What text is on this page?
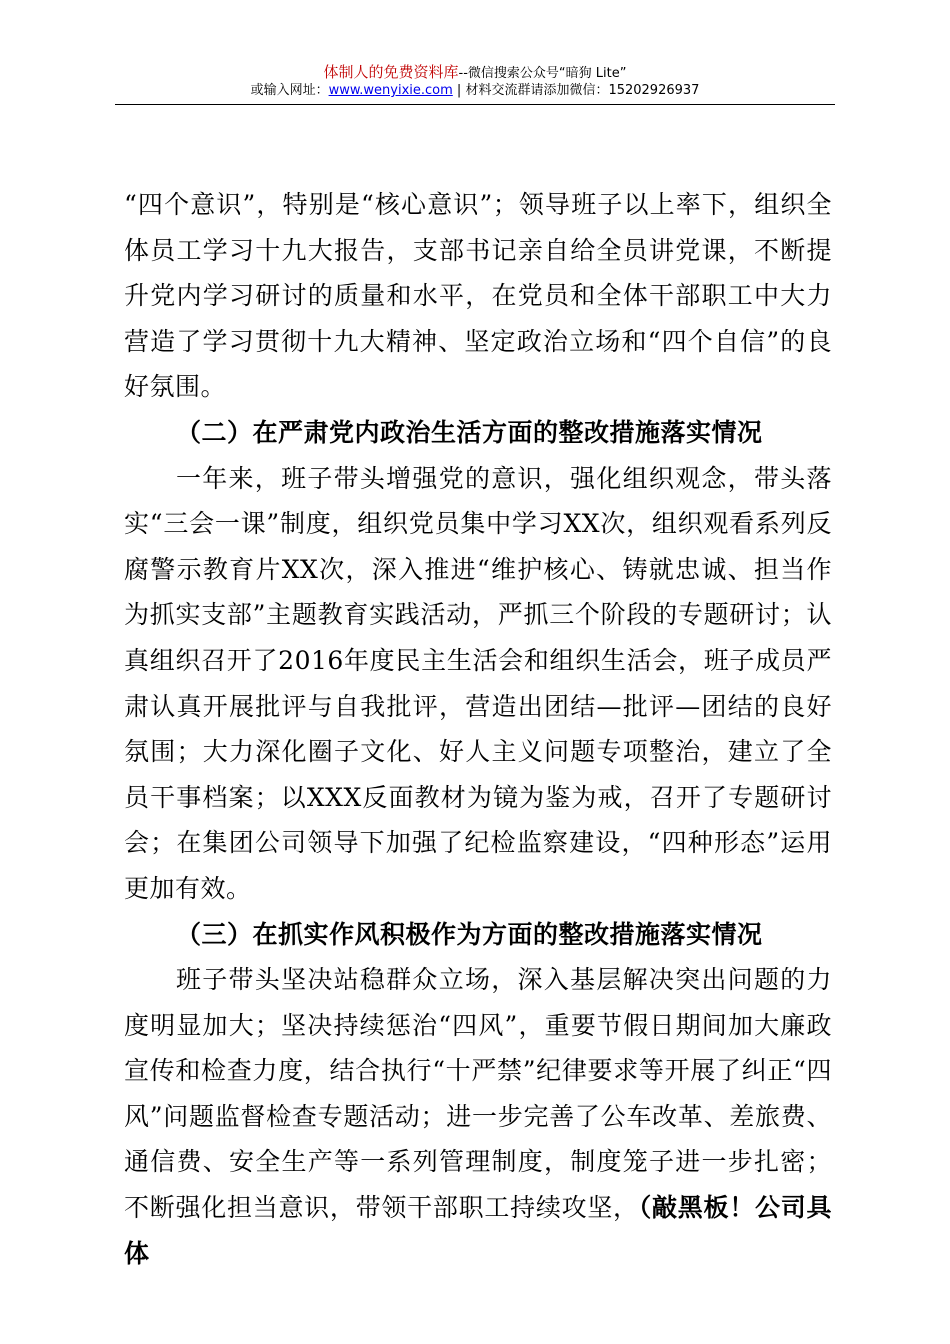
体制人的免费资料库--微信搜索公众号“暗狗 Lite”
或输入网址：www.wenyixie.com | 材料交流群请添加微信：15202926937

“四个意识”，特别是“核心意识”；领导班子以上率下，组织全体员工学习十九大报告，支部书记亲自给全员讲党课，不断提升党内学习研讨的质量和水平，在党员和全体干部职工中大力营造了学习贯彻十九大精神、坚定政治立场和“四个自信”的良好氛围。

（二）在严肃党内政治生活方面的整改措施落实情况

一年来，班子带头增强党的意识，强化组织观念，带头落实“三会一课”制度，组织党员集中学习XX次，组织观看系列反腐警示教育片XX次，深入推进“维护核心、铸就忠诚、担当作为抓实支部”主题教育实践活动，严抓三个阶段的专题研讨；认真组织召开了2016年度民主生活会和组织生活会，班子成员严肃认真开展批评与自我批评，营造出团结—批评—团结的良好氛围；大力深化圈子文化、好人主义问题专项整治，建立了全员干事档案；以XXX反面教材为镜为鉴为戒，召开了专题研讨会；在集团公司领导下加强了纪检监察建设，“四种形态”运用更加有效。

（三）在抓实作风积极作为方面的整改措施落实情况

班子带头坚决站稳群众立场，深入基层解决突出问题的力度明显加大；坚决持续惩治“四风”，重要节假日期间加大廉政宣传和检查力度，结合执行“十严禁”纪律要求等开展了纠正“四风”问题监督检查专题活动；进一步完善了公车改革、差旅费、通信费、安全生产等一系列管理制度，制度笼子进一步扎密；不断强化担当意识，带领干部职工持续攻坚，（敲黑板！公司具体
